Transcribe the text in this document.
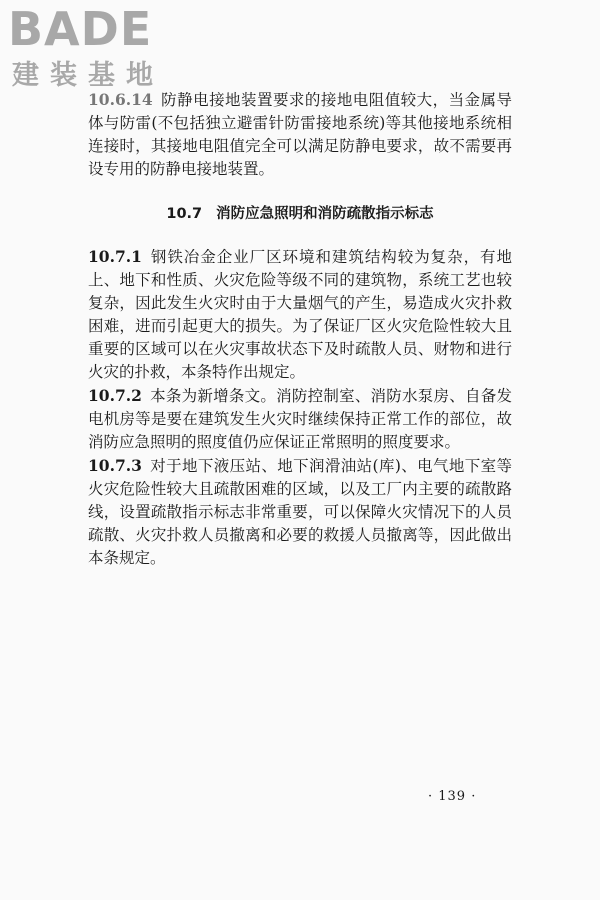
BADE
建装基地

10.6.14 防静电接地装置要求的接地电阻值较大，当金属导体与防雷(不包括独立避雷针防雷接地系统)等其他接地系统相连接时，其接地电阻值完全可以满足防静电要求，故不需要再设专用的防静电接地装置。

10.7 消防应急照明和消防疏散指示标志

10.7.1 钢铁冶金企业厂区环境和建筑结构较为复杂，有地上、地下和性质、火灾危险等级不同的建筑物，系统工艺也较复杂，因此发生火灾时由于大量烟气的产生，易造成火灾扑救困难，进而引起更大的损失。为了保证厂区火灾危险性较大且重要的区域可以在火灾事故状态下及时疏散人员、财物和进行火灾的扑救，本条特作出规定。

10.7.2 本条为新增条文。消防控制室、消防水泵房、自备发电机房等是要在建筑发生火灾时继续保持正常工作的部位，故消防应急照明的照度值仍应保证正常照明的照度要求。

10.7.3 对于地下液压站、地下润滑油站(库)、电气地下室等火灾危险性较大且疏散困难的区域，以及工厂内主要的疏散路线，设置疏散指示标志非常重要，可以保障火灾情况下的人员疏散、火灾扑救人员撤离和必要的救援人员撤离等，因此做出本条规定。

· 139 ·
